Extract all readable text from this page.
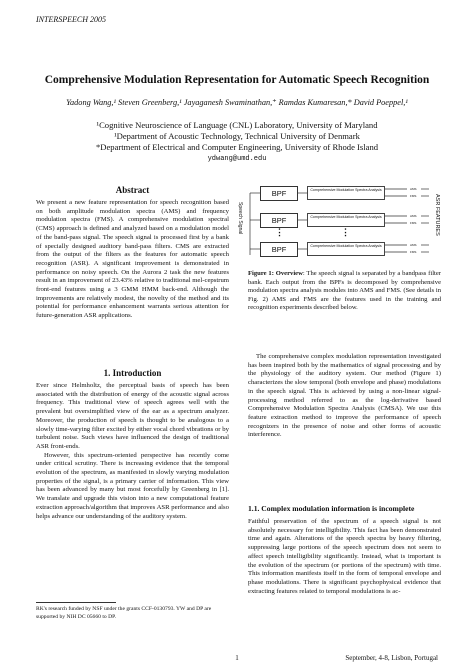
INTERSPEECH 2005
Comprehensive Modulation Representation for Automatic Speech Recognition
Yadong Wang,¹ Steven Greenberg,¹ Jayaganesh Swaminathan,⁺ Ramdas Kumaresan,* David Poeppel,¹
¹Cognitive Neuroscience of Language (CNL) Laboratory, University of Maryland
¹Department of Acoustic Technology, Technical University of Denmark
*Department of Electrical and Computer Engineering, University of Rhode Island
ydwang@umd.edu
Abstract

We present a new feature representation for speech recognition based on both amplitude modulation spectra (AMS) and frequency modulation spectra (FMS). A comprehensive modulation spectral (CMS) approach is defined and analyzed based on a modulation model of the band-pass signal. The speech signal is processed first by a bank of specially designed auditory band-pass filters. CMS are extracted from the output of the filters as the features for automatic speech recognition (ASR). A significant improvement is demonstrated in performance on noisy speech. On the Aurora 2 task the new features result in an improvement of 23.43% relative to traditional mel-cepstrum front-end features using a 3 GMM HMM back-end. Although the improvements are relatively modest, the novelty of the method and its potential for performance enhancement warrants serious attention for future-generation ASR applications.

1. Introduction

Ever since Helmholtz, the perceptual basis of speech has been associated with the distribution of energy of the acoustic signal across frequency. This traditional view of speech agrees well with the prevalent but oversimplified view of the ear as a spectrum analyzer. Moreover, the production of speech is thought to be analogous to a slowly time-varying filter excited by either vocal chord vibrations or by turbulent noise. Such views have influenced the design of traditional ASR front-ends.

However, this spectrum-oriented perspective has recently come under critical scrutiny. There is increasing evidence that the temporal evolution of the spectrum, as manifested in slowly varying modulation properties of the signal, is a primary carrier of information. This view has been advanced by many but most forcefully by Greenberg in [1]. We translate and upgrade this vision into a new computational feature extraction approach/algorithm that improves ASR performance and also helps advance our understanding of the auditory system.

RK's research funded by NSF under the grants CCF-0130793. YW and DP are supported by NIH DC 05660 to DP.
Speech Signal
BPF
BPF
⋮
BPF
Comprehensive Modulation Spectra Analysis
Comprehensive Modulation Spectra Analysis
⋮
Comprehensive Modulation Spectra Analysis
AMS
FMS
AMS
FMS
AMS
FMS
ASR FEATURES
Figure 1: Overview: The speech signal is separated by a bandpass filter bank. Each output from the BPFs is decomposed by comprehensive modulation spectra analysis modules into AMS and FMS. (See details in Fig. 2) AMS and FMS are the features used in the training and recognition experiments described below.

The comprehensive complex modulation representation investigated has been inspired both by the mathematics of signal processing and by the physiology of the auditory system. Our method (Figure 1) characterizes the slow temporal (both envelope and phase) modulations in the speech signal. This is achieved by using a non-linear signal-processing method referred to as the log-derivative based Comprehensive Modulation Spectra Analysis (CMSA). We use this feature extraction method to improve the performance of speech recognizers in the presence of noise and other forms of acoustic interference.

1.1. Complex modulation information is incomplete

Faithful preservation of the spectrum of a speech signal is not absolutely necessary for intelligibility. This fact has been demonstrated time and again. Alterations of the speech spectra by heavy filtering, suppressing large portions of the speech spectrum does not seem to affect speech intelligibility significantly. Instead, what is important is the evolution of the spectrum (or portions of the spectrum) with time. This information manifests itself in the form of temporal envelope and phase modulations. There is significant psychophysical evidence that extracting features related to temporal modulations is ac-

1	September, 4-8, Lisbon, Portugal
